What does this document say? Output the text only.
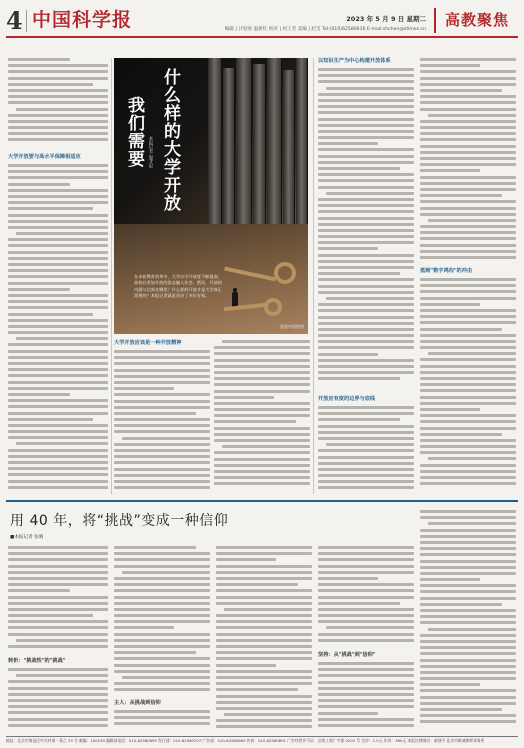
4 中国科学报	2023 年 5 月 9 日 星期二
编辑 | 计迎春 温新红 校对 | 何工劳 美编 | 赵雪 Tel:(010)62580616 E-mail:shchen@stimes.cn
高教聚焦
大学开放要与高水平保障相适应	什么样的大学开放
我们需要 本报记者 温才妃
在本轮教育改革中，大学办学开放度不断提高，高校以更加开放的姿态融入社会。然而，开放的内涵与边界在哪里？什么样的开放才是大学真正需要的？本报记者就此采访了多位专家。
视觉中国供图
大学开放应该是一种开放精神
以知识生产为中心构建开放体系
开放应有度的边界与底线
抵制"数字鸿沟"的冲击
用 40 年，将“挑战”变成一种信仰
■本报记者 张晴
转折："挑战性"的"挑战"
主人：从挑战到信仰
坚持：从"挑战"到"信仰"
地址：北京市海淀区中关村南一条乙 33 号 邮编：100190 编辑部电话：010-62580699 发行部：010-62580707 广告部：010-62580660 传真：010-62580691 广告经营许可证：京海工商广字第 0203 号 定价：1.0元 年价：360元 本报法律顾问：郝建平 北京市维诚律师事务所
